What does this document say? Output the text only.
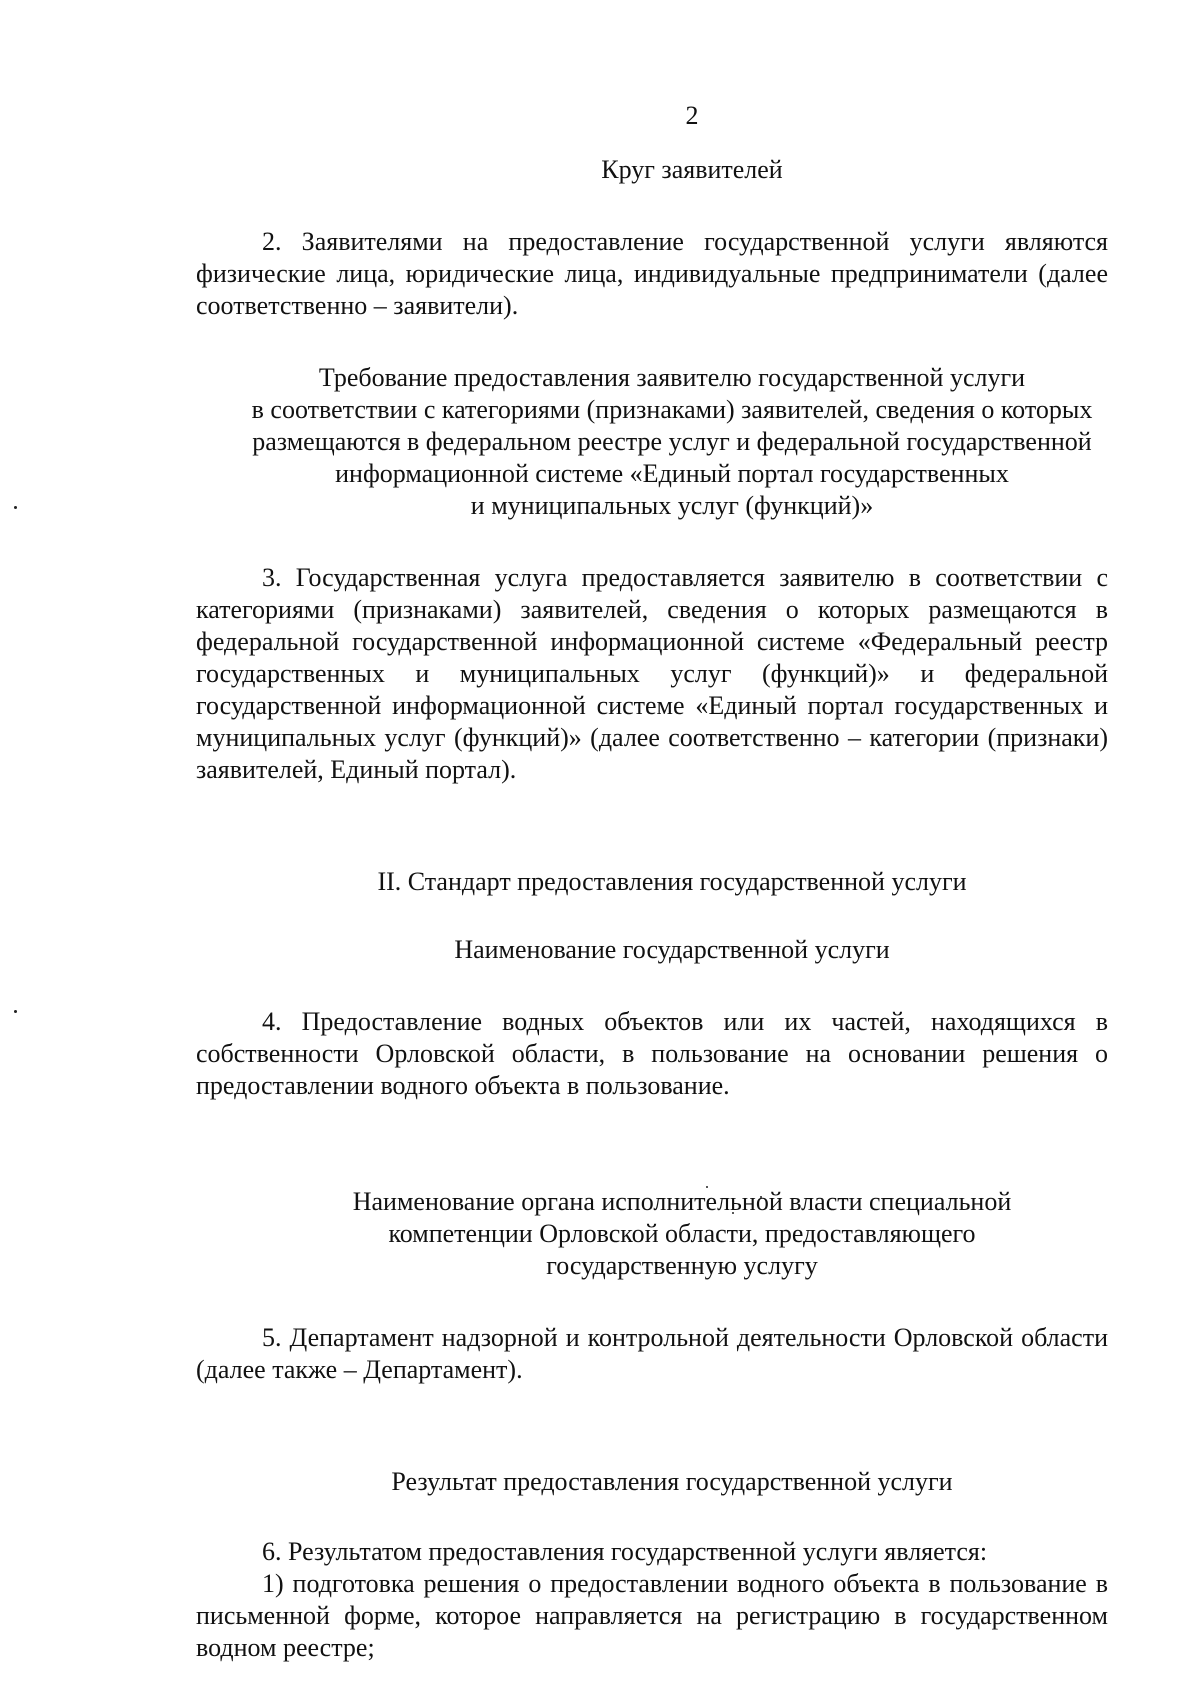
2

Круг заявителей

2. Заявителями на предоставление государственной услуги являются физические лица, юридические лица, индивидуальные предприниматели (далее соответственно – заявители).

Требование предоставления заявителю государственной услуги
в соответствии с категориями (признаками) заявителей, сведения о которых
размещаются в федеральном реестре услуг и федеральной государственной
информационной системе «Единый портал государственных
и муниципальных услуг (функций)»

3. Государственная услуга предоставляется заявителю в соответствии с категориями (признаками) заявителей, сведения о которых размещаются в федеральной государственной информационной системе «Федеральный реестр государственных и муниципальных услуг (функций)» и федеральной государственной информационной системе «Единый портал государственных и муниципальных услуг (функций)» (далее соответственно – категории (признаки) заявителей, Единый портал).

II. Стандарт предоставления государственной услуги

Наименование государственной услуги

4. Предоставление водных объектов или их частей, находящихся в собственности Орловской области, в пользование на основании решения о предоставлении водного объекта в пользование.

Наименование органа исполнительной власти специальной
компетенции Орловской области, предоставляющего
государственную услугу

5. Департамент надзорной и контрольной деятельности Орловской области (далее также – Департамент).

Результат предоставления государственной услуги

6. Результатом предоставления государственной услуги является:

1) подготовка решения о предоставлении водного объекта в пользование в письменной форме, которое направляется на регистрацию в государственном водном реестре;
